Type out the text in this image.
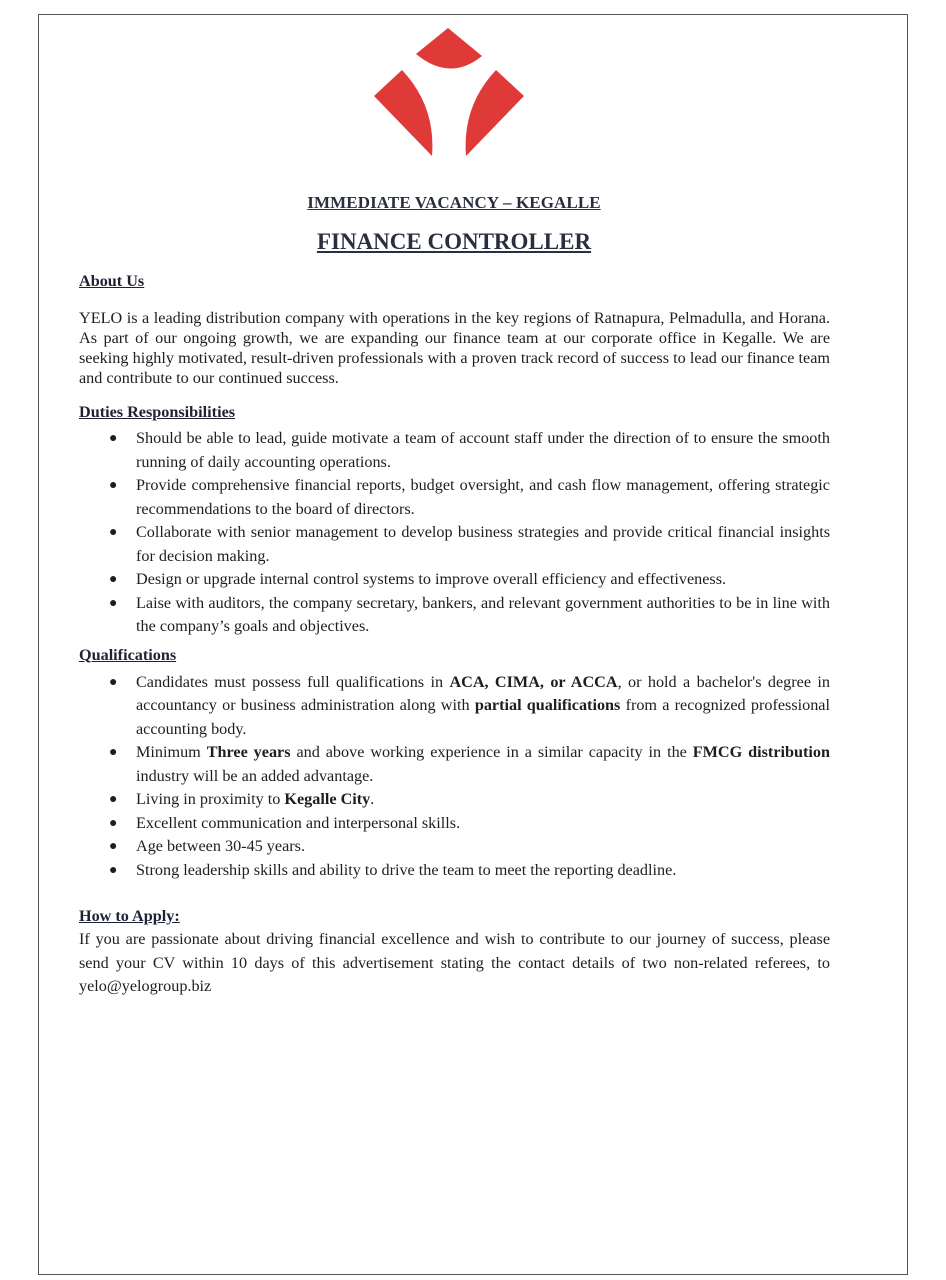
IMMEDIATE VACANCY – KEGALLE
FINANCE CONTROLLER

About Us

YELO is a leading distribution company with operations in the key regions of Ratnapura, Pelmadulla, and Horana. As part of our ongoing growth, we are expanding our finance team at our corporate office in Kegalle. We are seeking highly motivated, result-driven professionals with a proven track record of success to lead our finance team and contribute to our continued success.

Duties Responsibilities

● Should be able to lead, guide motivate a team of account staff under the direction of to ensure the smooth running of daily accounting operations.
● Provide comprehensive financial reports, budget oversight, and cash flow management, offering strategic recommendations to the board of directors.
● Collaborate with senior management to develop business strategies and provide critical financial insights for decision making.
● Design or upgrade internal control systems to improve overall efficiency and effectiveness.
● Laise with auditors, the company secretary, bankers, and relevant government authorities to be in line with the company’s goals and objectives.

Qualifications

● Candidates must possess full qualifications in ACA, CIMA, or ACCA, or hold a bachelor's degree in accountancy or business administration along with partial qualifications from a recognized professional accounting body.
● Minimum Three years and above working experience in a similar capacity in the FMCG distribution industry will be an added advantage.
● Living in proximity to Kegalle City.
● Excellent communication and interpersonal skills.
● Age between 30-45 years.
● Strong leadership skills and ability to drive the team to meet the reporting deadline.

How to Apply:

If you are passionate about driving financial excellence and wish to contribute to our journey of success, please send your CV within 10 days of this advertisement stating the contact details of two non-related referees, to yelo@yelogroup.biz
